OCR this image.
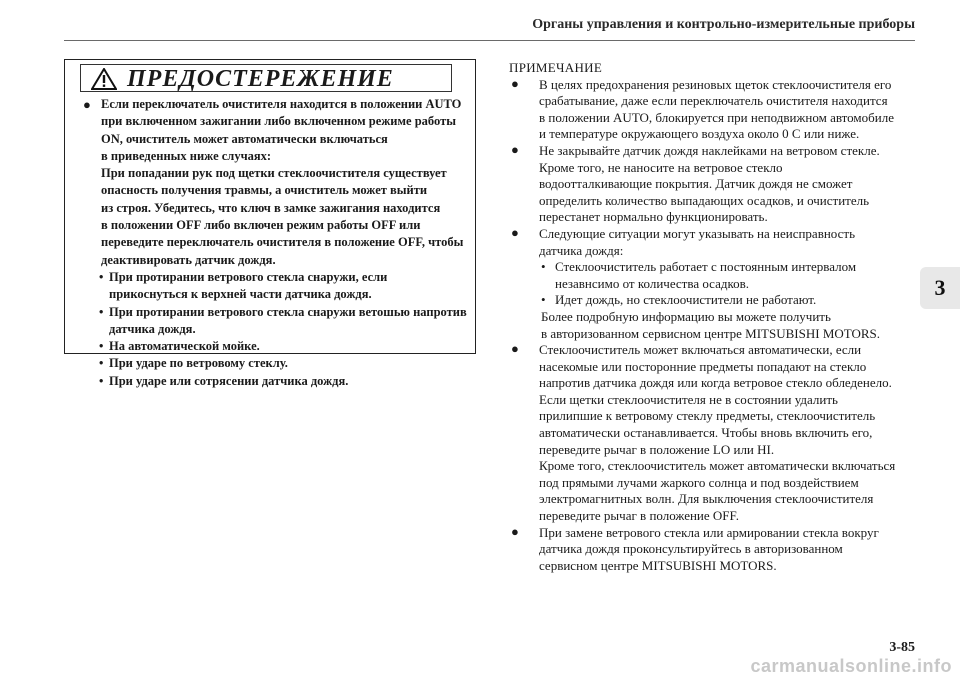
Органы управления и контрольно-измерительные приборы
3
ПРЕДОСТЕРЕЖЕНИЕ
● Если переключатель очистителя находится в положении AUTO
при включенном зажигании либо включенном режиме работы
ON, очиститель может автоматически включаться
в приведенных ниже случаях:
При попадании рук под щетки стеклоочистителя существует
опасность получения травмы, а очиститель может выйти
из строя. Убедитесь, что ключ в замке зажигания находится
в положении OFF либо включен режим работы OFF или
переведите переключатель очистителя в положение OFF, чтобы
деактивировать датчик дождя.
• При протирании ветрового стекла снаружи, если
прикоснуться к верхней части датчика дождя.
• При протирании ветрового стекла снаружи ветошью напротив
датчика дождя.
• На автоматической мойке.
• При ударе по ветровому стеклу.
• При ударе или сотрясении датчика дождя.
ПРИМЕЧАНИЕ
● В целях предохранения резиновых щеток стеклоочистителя его
срабатывание, даже если переключатель очистителя находится
в положении AUTO, блокируется при неподвижном автомобиле
и температуре окружающего воздуха около 0 С или ниже.
● Не закрывайте датчик дождя наклейками на ветровом стекле.
Кроме того, не наносите на ветровое стекло
водоотталкивающие покрытия. Датчик дождя не сможет
определить количество выпадающих осадков, и очиститель
перестанет нормально функционировать.
● Следующие ситуации могут указывать на неисправность
датчика дождя:
• Стеклоочиститель работает с постоянным интервалом
незавнсимо от количества осадков.
• Идет дождь, но стеклоочистители не работают.
Более подробную информацию вы можете получить
в авторизованном сервисном центре MITSUBISHI MOTORS.
● Стеклоочиститель может включаться автоматически, если
насекомые или посторонние предметы попадают на стекло
напротив датчика дождя или когда ветровое стекло обледенело.
Если щетки стеклоочистителя не в состоянии удалить
прилипшие к ветровому стеклу предметы, стеклоочиститель
автоматически останавливается. Чтобы вновь включить его,
переведите рычаг в положение LO или HI.
Кроме того, стеклоочиститель может автоматически включаться
под прямыми лучами жаркого солнца и под воздействием
электромагнитных волн. Для выключения стеклоочистителя
переведите рычаг в положение OFF.
● При замене ветрового стекла или армировании стекла вокруг
датчика дождя проконсультируйтесь в авторизованном
сервисном центре MITSUBISHI MOTORS.
3-85
carmanualsonline.info
